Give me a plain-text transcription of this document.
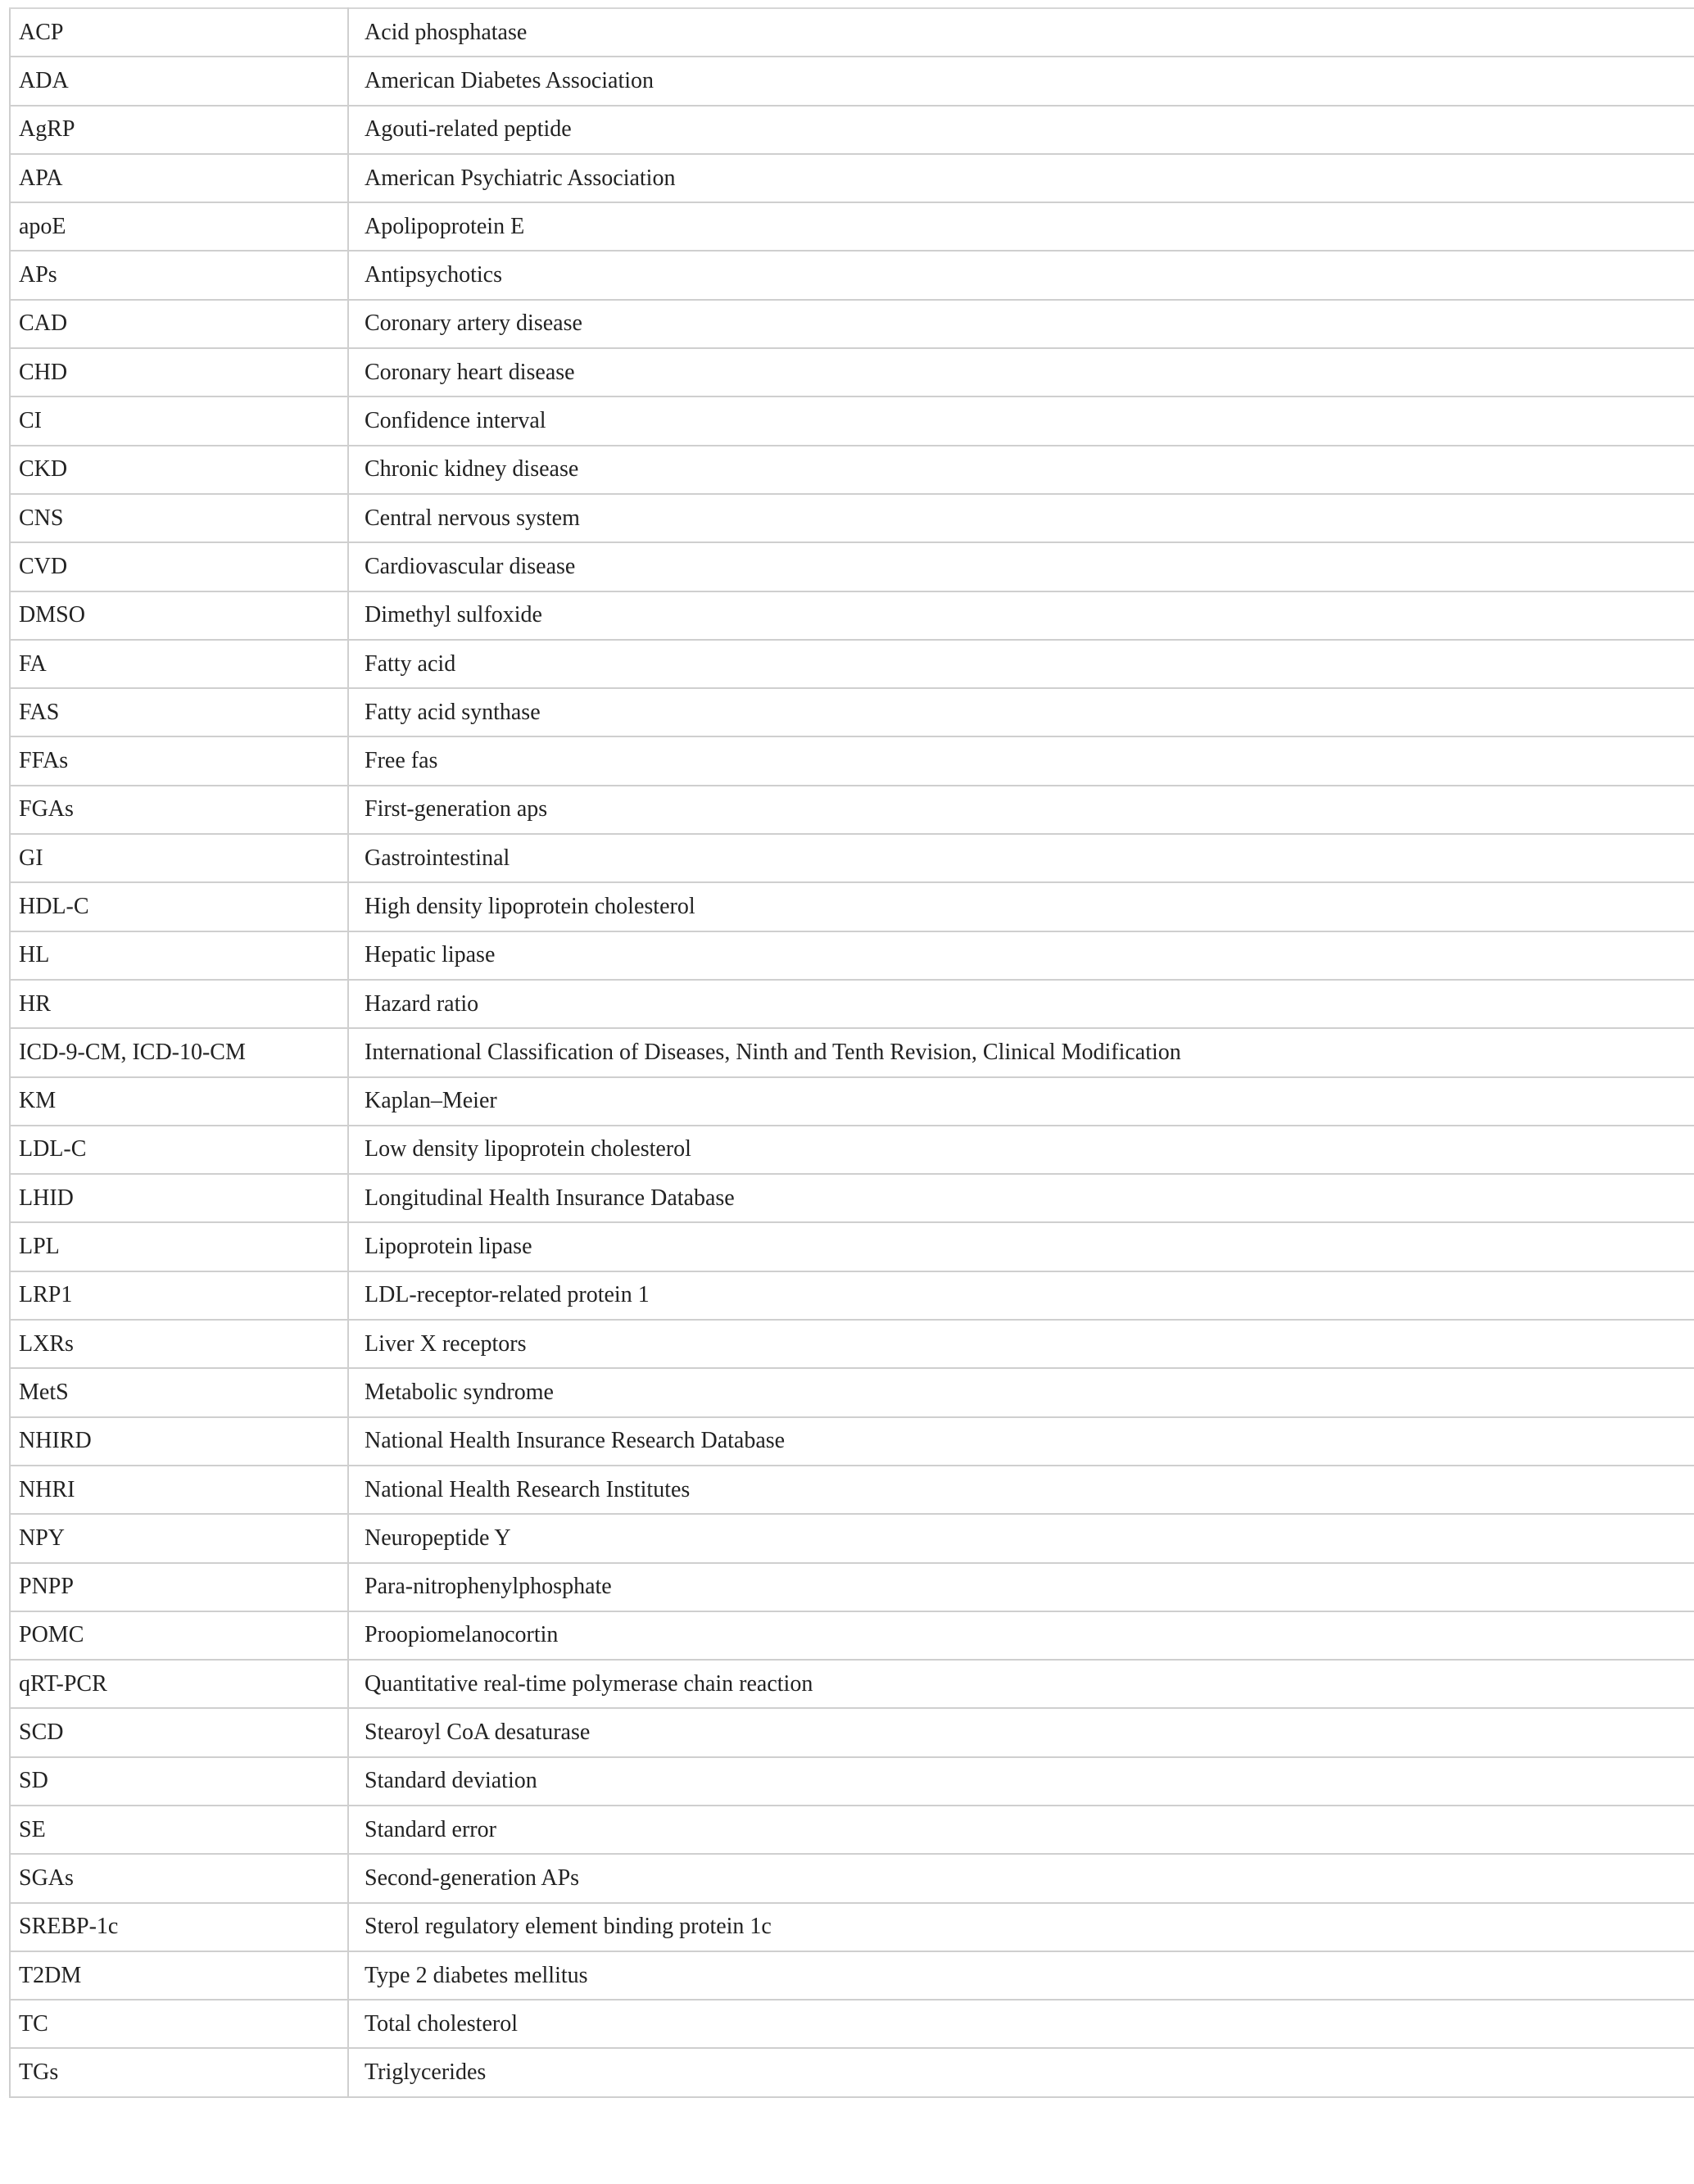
ACP	Acid phosphatase
ADA	American Diabetes Association
AgRP	Agouti-related peptide
APA	American Psychiatric Association
apoE	Apolipoprotein E
APs	Antipsychotics
CAD	Coronary artery disease
CHD	Coronary heart disease
CI	Confidence interval
CKD	Chronic kidney disease
CNS	Central nervous system
CVD	Cardiovascular disease
DMSO	Dimethyl sulfoxide
FA	Fatty acid
FAS	Fatty acid synthase
FFAs	Free fas
FGAs	First-generation aps
GI	Gastrointestinal
HDL-C	High density lipoprotein cholesterol
HL	Hepatic lipase
HR	Hazard ratio
ICD-9-CM, ICD-10-CM	International Classification of Diseases, Ninth and Tenth Revision, Clinical Modification
KM	Kaplan–Meier
LDL-C	Low density lipoprotein cholesterol
LHID	Longitudinal Health Insurance Database
LPL	Lipoprotein lipase
LRP1	LDL-receptor-related protein 1
LXRs	Liver X receptors
MetS	Metabolic syndrome
NHIRD	National Health Insurance Research Database
NHRI	National Health Research Institutes
NPY	Neuropeptide Y
PNPP	Para-nitrophenylphosphate
POMC	Proopiomelanocortin
qRT-PCR	Quantitative real-time polymerase chain reaction
SCD	Stearoyl CoA desaturase
SD	Standard deviation
SE	Standard error
SGAs	Second-generation APs
SREBP-1c	Sterol regulatory element binding protein 1c
T2DM	Type 2 diabetes mellitus
TC	Total cholesterol
TGs	Triglycerides
